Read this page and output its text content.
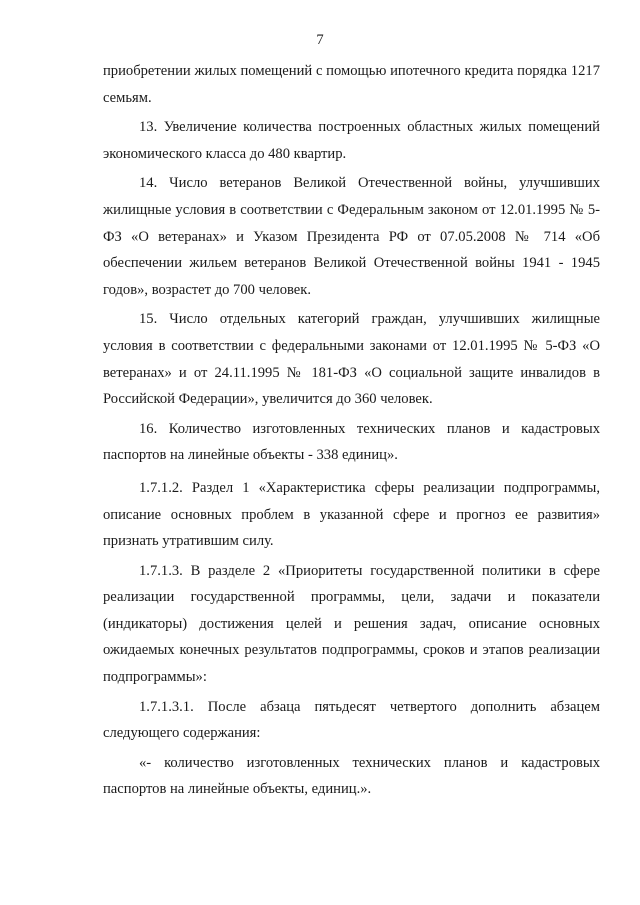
7

приобретении жилых помещений с помощью ипотечного кредита порядка 1217 семьям.

13. Увеличение количества построенных областных жилых помещений экономического класса до 480 квартир.

14. Число ветеранов Великой Отечественной войны, улучшивших жилищные условия в соответствии с Федеральным законом от 12.01.1995 № 5-ФЗ «О ветеранах» и Указом Президента РФ от 07.05.2008 № 714 «Об обеспечении жильем ветеранов Великой Отечественной войны 1941 - 1945 годов», возрастет до 700 человек.

15. Число отдельных категорий граждан, улучшивших жилищные условия в соответствии с федеральными законами от 12.01.1995 № 5-ФЗ «О ветеранах» и от 24.11.1995 № 181-ФЗ «О социальной защите инвалидов в Российской Федерации», увеличится до 360 человек.

16. Количество изготовленных технических планов и кадастровых паспортов на линейные объекты - 338 единиц».

1.7.1.2. Раздел 1 «Характеристика сферы реализации подпрограммы, описание основных проблем в указанной сфере и прогноз ее развития» признать утратившим силу.

1.7.1.3. В разделе 2 «Приоритеты государственной политики в сфере реализации государственной программы, цели, задачи и показатели (индикаторы) достижения целей и решения задач, описание основных ожидаемых конечных результатов подпрограммы, сроков и этапов реализации подпрограммы»:

1.7.1.3.1. После абзаца пятьдесят четвертого дополнить абзацем следующего содержания:

«- количество изготовленных технических планов и кадастровых паспортов на линейные объекты, единиц.».
